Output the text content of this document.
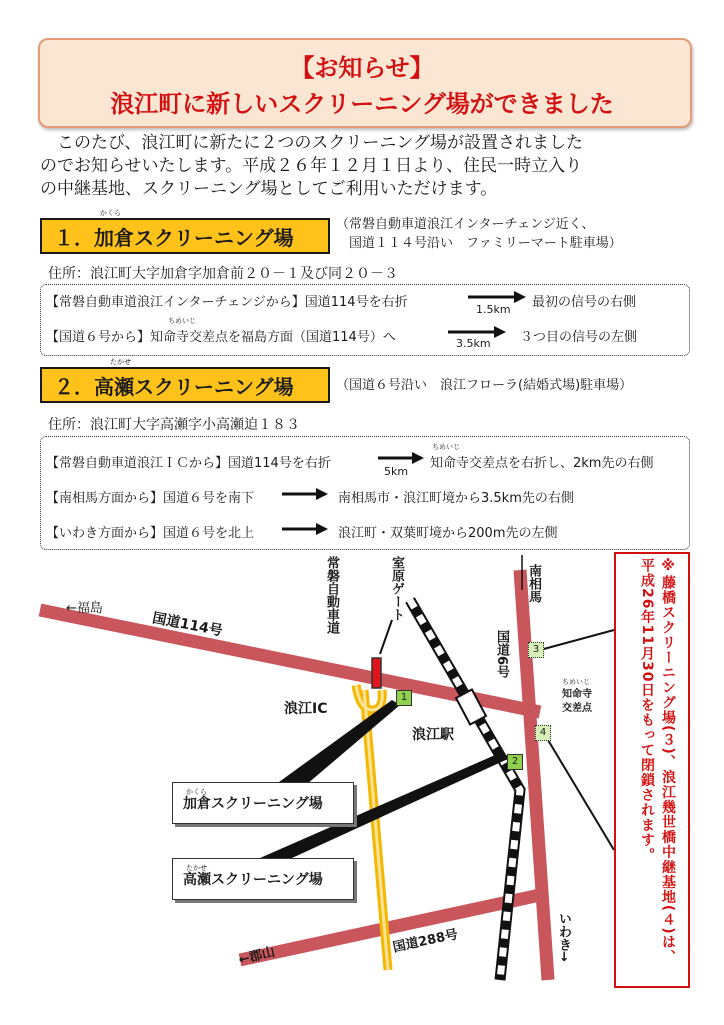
【お知らせ】
浪江町に新しいスクリーニング場ができました
　このたび、浪江町に新たに２つのスクリーニング場が設置されました
のでお知らせいたします。平成２６年１２月１日より、住民一時立入り
の中継基地、スクリーニング場としてご利用いただけます。
１．加倉スクリーニング場
かくら
（常磐自動車道浪江インターチェンジ近く、
　国道１１４号沿い　ファミリーマート駐車場）
住所：浪江町大字加倉字加倉前２０－１及び同２０－３
【常磐自動車道浪江インターチェンジから】国道114号を右折	1.5km 最初の信号の右側
ちめいじ
【国道６号から】知命寺交差点を福島方面（国道114号）へ	3.5km ３つ目の信号の左側
２．高瀬スクリーニング場
たかせ
（国道６号沿い　浪江フローラ(結婚式場)駐車場）
住所：浪江町大字高瀬字小高瀬迫１８３
【常磐自動車道浪江ＩＣから】国道114号を右折
5km
ちめいじ
知命寺交差点を右折し、2km先の右側
【南相馬方面から】国道６号を南下	南相馬市・浪江町境から3.5km先の右側
【いわき方面から】国道６号を北上	浪江町・双葉町境から200m先の左側
1
2
3
4
←福島
国道114号	常磐自動車道	室原ゲート	南相馬
国道6号
浪江IC
浪江駅
ちめいじ
知命寺
交差点
加倉スクリーニング場
かくら
高瀬スクリーニング場
たかせ
←郡山
国道288号	いわき→	※藤橋スクリーニング場(３)、浪江幾世橋中継基地(４)は、
平成26年11月30日をもって閉鎖されます。
